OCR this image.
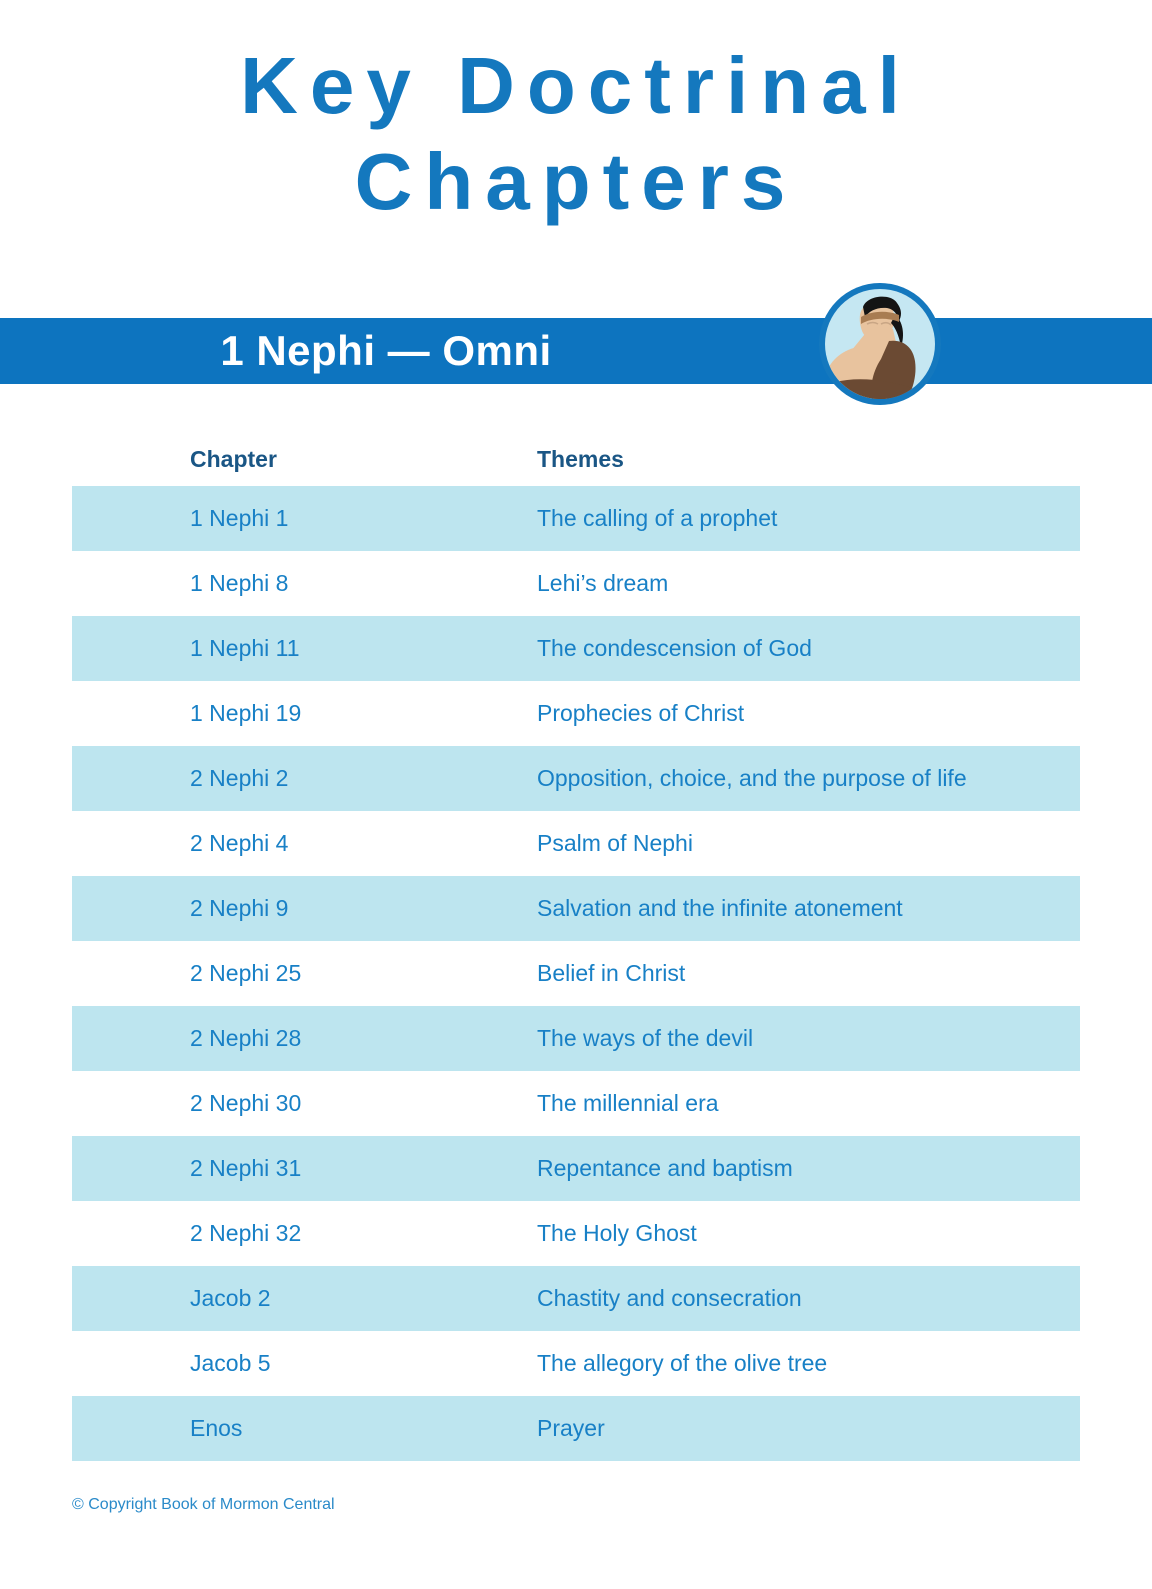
Key Doctrinal
Chapters
1 Nephi — Omni
Chapter	Themes
1 Nephi 1	The calling of a prophet
1 Nephi 8	Lehi’s dream
1 Nephi 11	The condescension of God
1 Nephi 19	Prophecies of Christ
2 Nephi 2	Opposition, choice, and the purpose of life
2 Nephi 4	Psalm of Nephi
2 Nephi 9	Salvation and the infinite atonement
2 Nephi 25	Belief in Christ
2 Nephi 28	The ways of the devil
2 Nephi 30	The millennial era
2 Nephi 31	Repentance and baptism
2 Nephi 32	The Holy Ghost
Jacob 2	Chastity and consecration
Jacob 5	The allegory of the olive tree
Enos	Prayer
© Copyright Book of Mormon Central
